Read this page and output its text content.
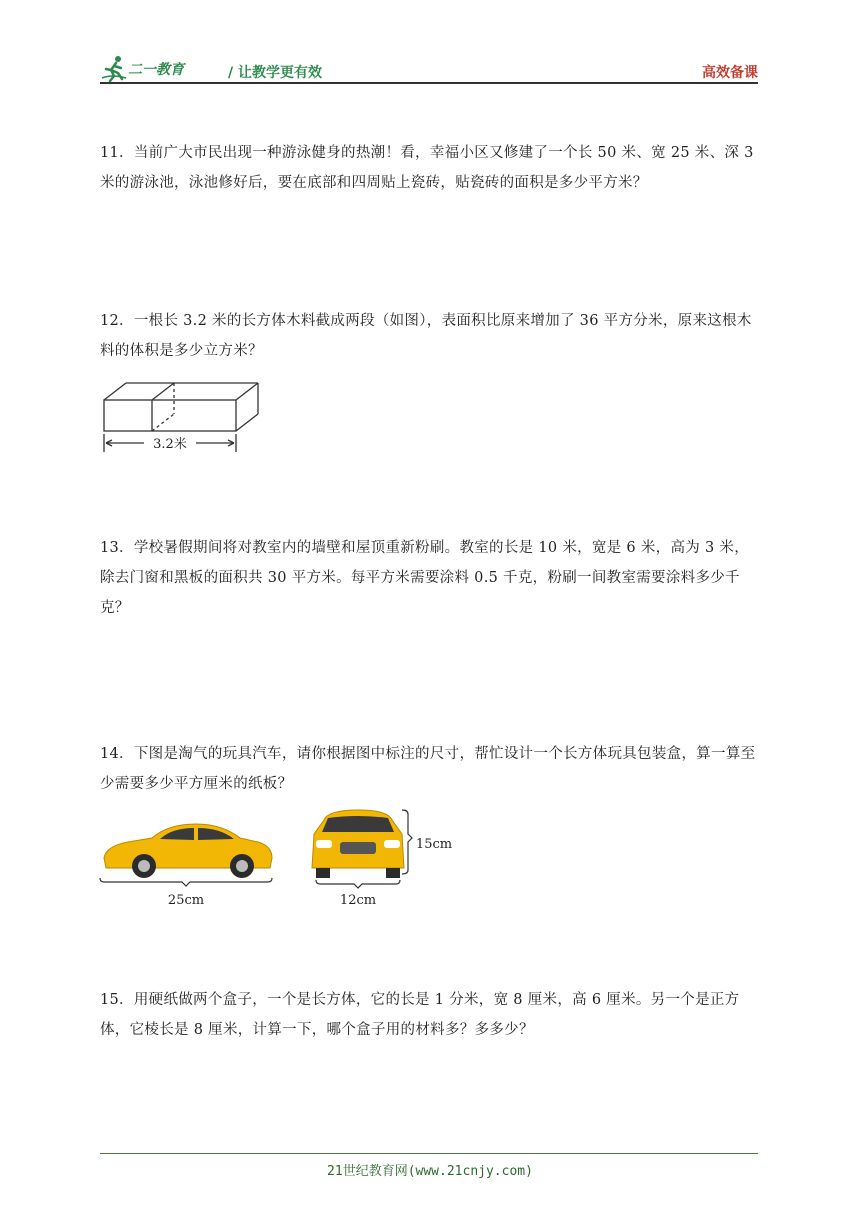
二一教育	/ 让教学更有效	高效备课
11．当前广大市民出现一种游泳健身的热潮！看，幸福小区又修建了一个长 50 米、宽 25 米、深 3 米的游泳池，泳池修好后，要在底部和四周贴上瓷砖，贴瓷砖的面积是多少平方米？
12．一根长 3.2 米的长方体木料截成两段（如图），表面积比原来增加了 36 平方分米，原来这根木料的体积是多少立方米？
3.2米
13．学校暑假期间将对教室内的墙壁和屋顶重新粉刷。教室的长是 10 米，宽是 6 米，高为 3 米，除去门窗和黑板的面积共 30 平方米。每平方米需要涂料 0.5 千克，粉刷一间教室需要涂料多少千克？
14．下图是淘气的玩具汽车，请你根据图中标注的尺寸，帮忙设计一个长方体玩具包装盒，算一算至少需要多少平方厘米的纸板？
25cm
15cm
12cm
15．用硬纸做两个盒子，一个是长方体，它的长是 1 分米，宽 8 厘米，高 6 厘米。另一个是正方体，它棱长是 8 厘米，计算一下，哪个盒子用的材料多？多多少？
21世纪教育网(www.21cnjy.com)
